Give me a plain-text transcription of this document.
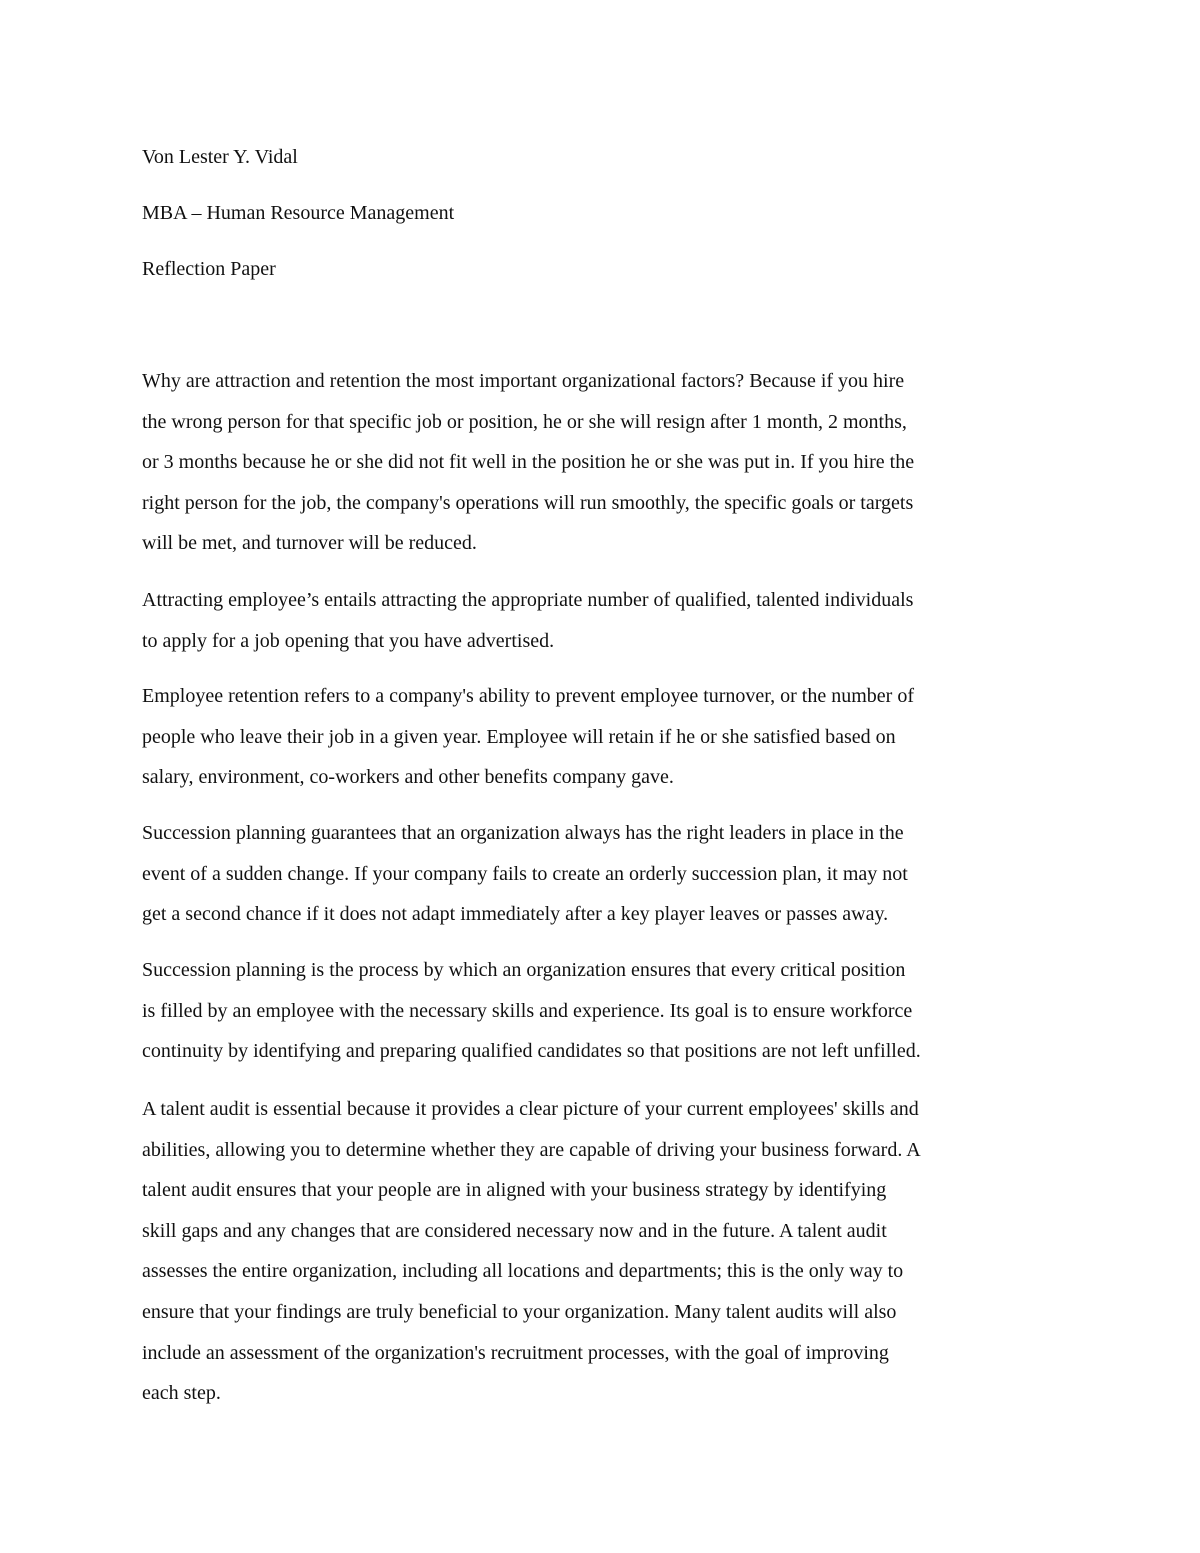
Von Lester Y. Vidal

MBA – Human Resource Management

Reflection Paper

Why are attraction and retention the most important organizational factors? Because if you hire
the wrong person for that specific job or position, he or she will resign after 1 month, 2 months,
or 3 months because he or she did not fit well in the position he or she was put in. If you hire the
right person for the job, the company's operations will run smoothly, the specific goals or targets
will be met, and turnover will be reduced.
Attracting employee’s entails attracting the appropriate number of qualified, talented individuals
to apply for a job opening that you have advertised.
Employee retention refers to a company's ability to prevent employee turnover, or the number of
people who leave their job in a given year. Employee will retain if he or she satisfied based on
salary, environment, co-workers and other benefits company gave.
Succession planning guarantees that an organization always has the right leaders in place in the
event of a sudden change. If your company fails to create an orderly succession plan, it may not
get a second chance if it does not adapt immediately after a key player leaves or passes away.
Succession planning is the process by which an organization ensures that every critical position
is filled by an employee with the necessary skills and experience. Its goal is to ensure workforce
continuity by identifying and preparing qualified candidates so that positions are not left unfilled.
A talent audit is essential because it provides a clear picture of your current employees' skills and
abilities, allowing you to determine whether they are capable of driving your business forward. A
talent audit ensures that your people are in aligned with your business strategy by identifying
skill gaps and any changes that are considered necessary now and in the future. A talent audit
assesses the entire organization, including all locations and departments; this is the only way to
ensure that your findings are truly beneficial to your organization. Many talent audits will also
include an assessment of the organization's recruitment processes, with the goal of improving
each step.
